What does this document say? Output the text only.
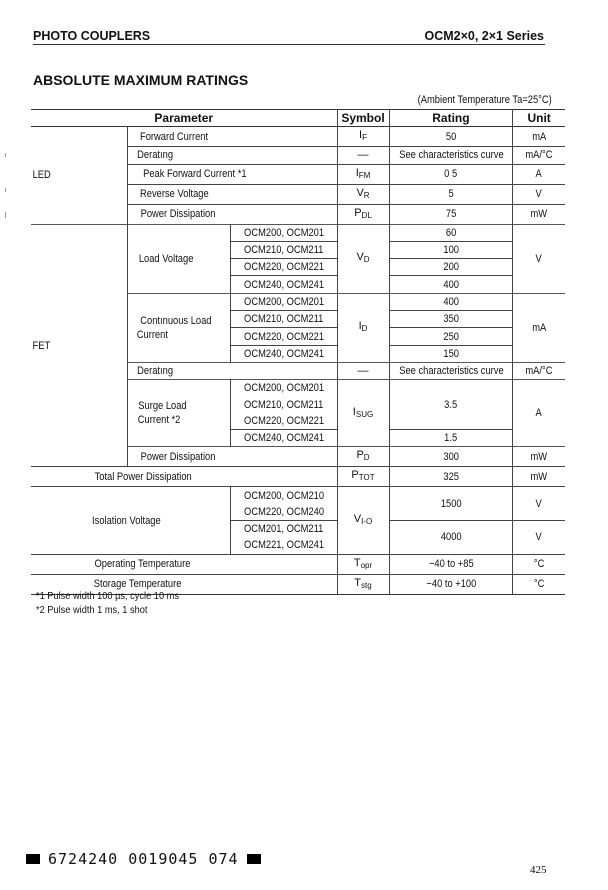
PHOTO COUPLERS	OCM2×0, 2×1 Series
ABSOLUTE MAXIMUM RATINGS
(Ambient Temperature Ta=25°C)
Parameter			Symbol	Rating	Unit
LED	Forward Current		$I_F$	50	mA
	Deratıng		—	See characteristics curve	mA/°C
	Peak Forward Current *1		$I_{FM}$	0 5	A
	Reverse Voltage		$V_R$	5	V
	Power Dissipation		$P_{DL}$	75	mW
FET	Load Voltage	OCM200, OCM201	$V_D$	60	V
		OCM210, OCM211		100	
		OCM220, OCM221		200	
		OCM240, OCM241		400	
	Contınuous Load
Current	OCM200, OCM201	$I_D$	400	mA
		OCM210, OCM211		350	
		OCM220, OCM221		250	
		OCM240, OCM241		150	
	Deratıng		—	See characteristics curve	mA/°C
	Surge Load
Current *2	OCM200, OCM201	$I_{SUG}$	3.5	A
		OCM210, OCM211			
		OCM220, OCM221			
		OCM240, OCM241		1.5	
	Power Dissipation		$P_D$	300	mW
Total Power Dissipation			$P_{TOT}$	325	mW
Isolation Voltage		OCM200, OCM210	$V_{I-O}$	1500	V
		OCM220, OCM240			
		OCM201, OCM211		4000	V
		OCM221, OCM241			
Operating Temperature			$T_{opr}$	−40 to +85	°C
Storage Temperature			$T_{stg}$	−40 to +100	°C
*1 Pulse width 100 µs, cycle 10 ms
*2 Pulse width 1 ms, 1 shot
6724240 0019045 074
425
